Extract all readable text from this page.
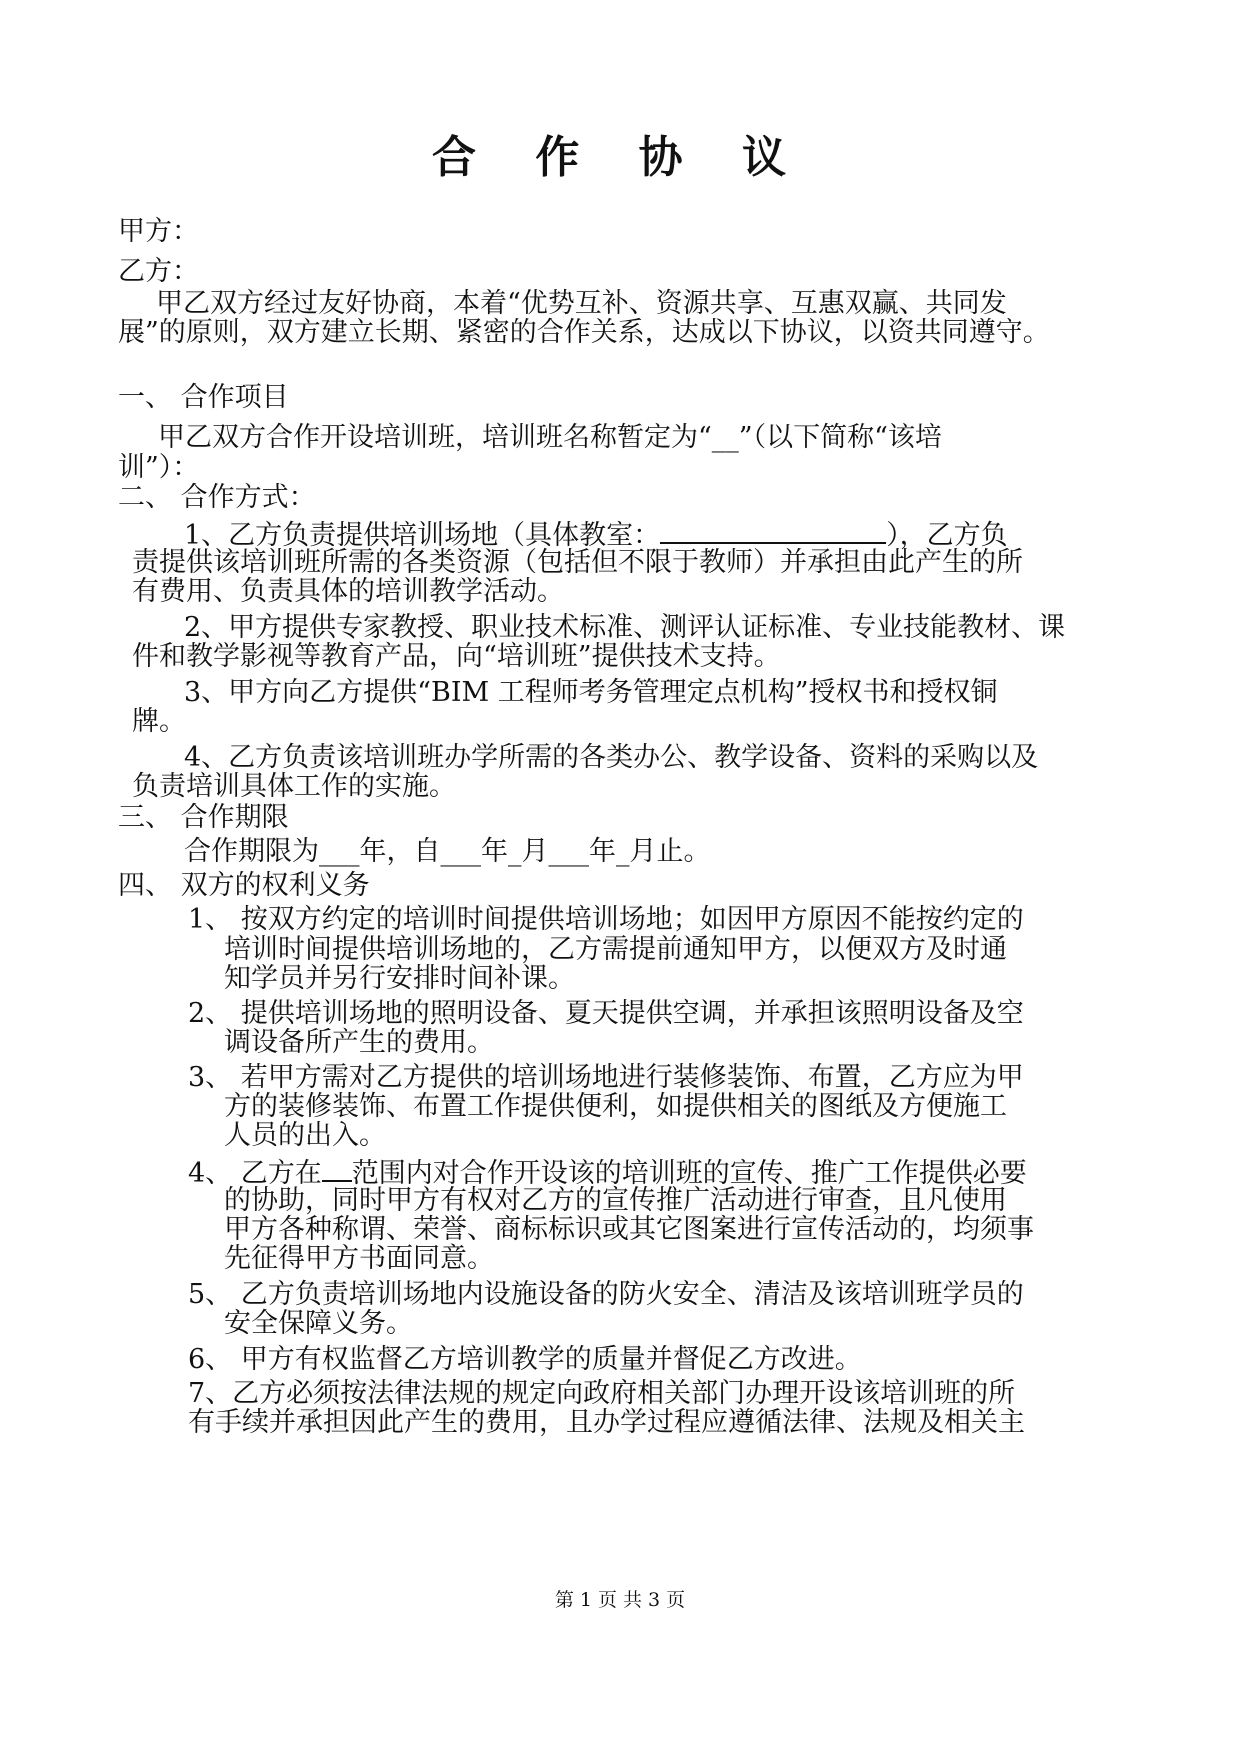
合 作 协 议
甲方：
乙方：
甲乙双方经过友好协商，本着“优势互补、资源共享、互惠双赢、共同发
展”的原则，双方建立长期、紧密的合作关系，达成以下协议，以资共同遵守。
一、 合作项目
甲乙双方合作开设培训班，培训班名称暂定为“__”（以下简称“该培
训”）：
二、 合作方式：
1、乙方负责提供培训场地（具体教室：	），乙方负
责提供该培训班所需的各类资源（包括但不限于教师）并承担由此产生的所
有费用、负责具体的培训教学活动。
2、甲方提供专家教授、职业技术标准、测评认证标准、专业技能教材、课
件和教学影视等教育产品，向“培训班”提供技术支持。
3、甲方向乙方提供“BIM 工程师考务管理定点机构”授权书和授权铜
牌。
4、乙方负责该培训班办学所需的各类办公、教学设备、资料的采购以及
负责培训具体工作的实施。
三、 合作期限
合作期限为___年，自___年_月___年_月止。
四、 双方的权利义务
1、 按双方约定的培训时间提供培训场地；如因甲方原因不能按约定的
培训时间提供培训场地的，乙方需提前通知甲方，以便双方及时通
知学员并另行安排时间补课。
2、 提供培训场地的照明设备、夏天提供空调，并承担该照明设备及空
调设备所产生的费用。
3、 若甲方需对乙方提供的培训场地进行装修装饰、布置，乙方应为甲
方的装修装饰、布置工作提供便利，如提供相关的图纸及方便施工
人员的出入。
4、 乙方在 范围内对合作开设该的培训班的宣传、推广工作提供必要
的协助，同时甲方有权对乙方的宣传推广活动进行审查，且凡使用
甲方各种称谓、荣誉、商标标识或其它图案进行宣传活动的，均须事
先征得甲方书面同意。
5、 乙方负责培训场地内设施设备的防火安全、清洁及该培训班学员的
安全保障义务。
6、 甲方有权监督乙方培训教学的质量并督促乙方改进。
7、乙方必须按法律法规的规定向政府相关部门办理开设该培训班的所
有手续并承担因此产生的费用，且办学过程应遵循法律、法规及相关主
第 1 页 共 3 页
